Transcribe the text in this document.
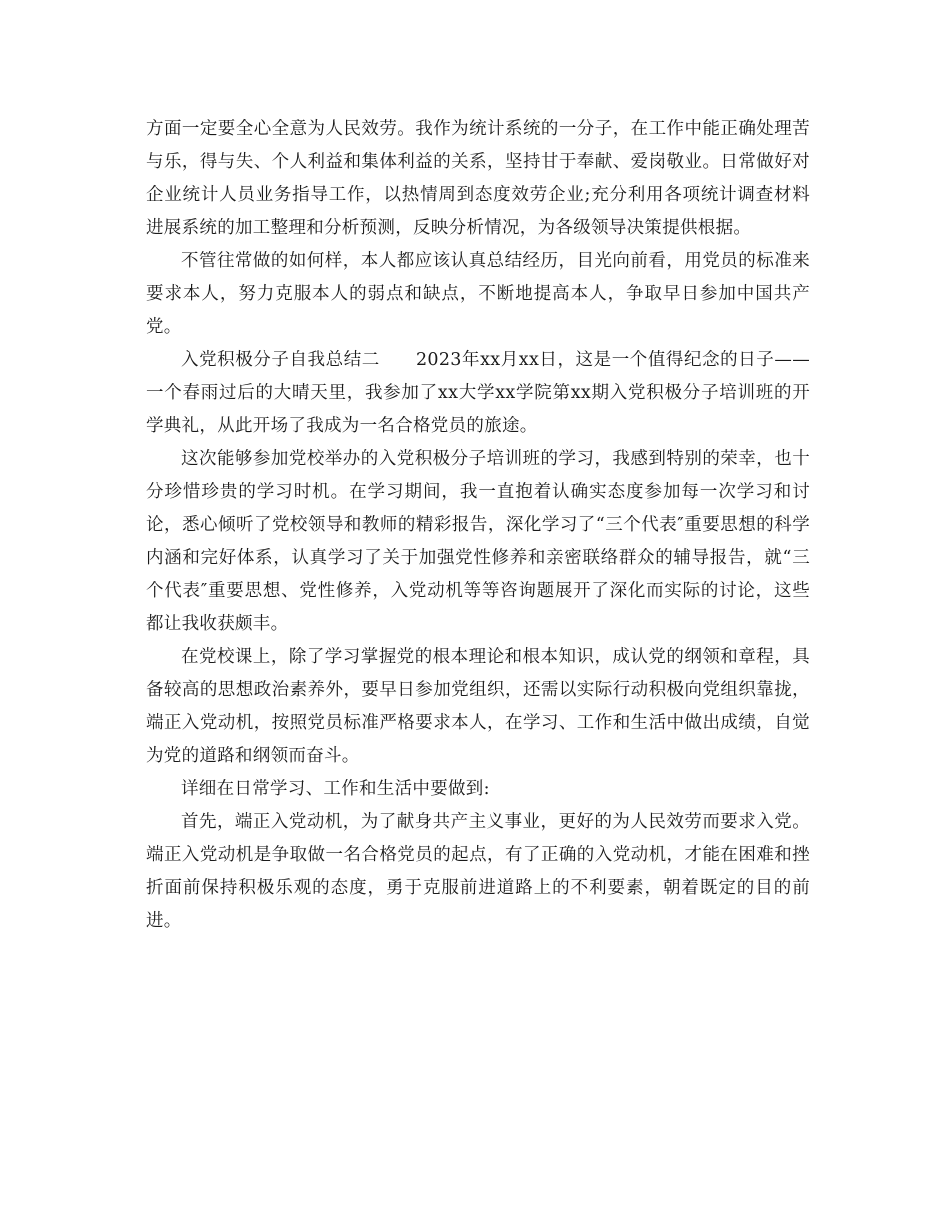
方面一定要全心全意为人民效劳。我作为统计系统的一分子，在工作中能正确处理苦与乐，得与失、个人利益和集体利益的关系，坚持甘于奉献、爱岗敬业。日常做好对企业统计人员业务指导工作，以热情周到态度效劳企业;充分利用各项统计调查材料进展系统的加工整理和分析预测，反映分析情况，为各级领导决策提供根据。

不管往常做的如何样，本人都应该认真总结经历，目光向前看，用党员的标准来要求本人，努力克服本人的弱点和缺点，不断地提高本人，争取早日参加中国共产党。

入党积极分子自我总结二　　2023年xx月xx日，这是一个值得纪念的日子——一个春雨过后的大晴天里，我参加了xx大学xx学院第xx期入党积极分子培训班的开学典礼，从此开场了我成为一名合格党员的旅途。

这次能够参加党校举办的入党积极分子培训班的学习，我感到特别的荣幸，也十分珍惜珍贵的学习时机。在学习期间，我一直抱着认确实态度参加每一次学习和讨论，悉心倾听了党校领导和教师的精彩报告，深化学习了“三个代表″重要思想的科学内涵和完好体系，认真学习了关于加强党性修养和亲密联络群众的辅导报告，就“三个代表″重要思想、党性修养，入党动机等等咨询题展开了深化而实际的讨论，这些都让我收获颇丰。

在党校课上，除了学习掌握党的根本理论和根本知识，成认党的纲领和章程，具备较高的思想政治素养外，要早日参加党组织，还需以实际行动积极向党组织靠拢，端正入党动机，按照党员标准严格要求本人，在学习、工作和生活中做出成绩，自觉为党的道路和纲领而奋斗。

详细在日常学习、工作和生活中要做到:

首先，端正入党动机，为了献身共产主义事业，更好的为人民效劳而要求入党。端正入党动机是争取做一名合格党员的起点，有了正确的入党动机，才能在困难和挫折面前保持积极乐观的态度，勇于克服前进道路上的不利要素，朝着既定的目的前进。
